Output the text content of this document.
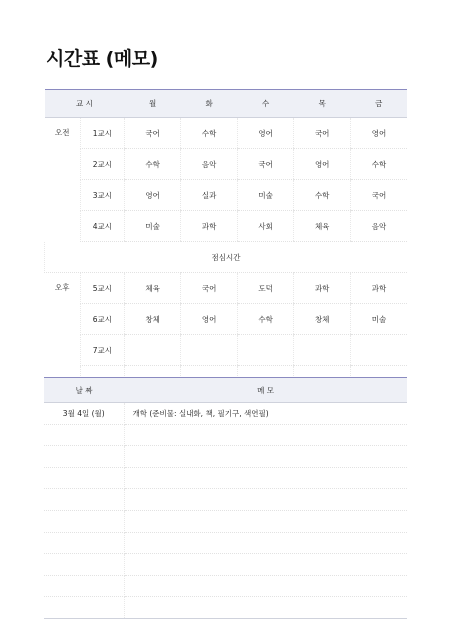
시간표 (메모)
교 시		월	화	수	목	금
오전	1교시	국어	수학	영어	국어	영어
	2교시	수학	음악	국어	영어	수학
	3교시	영어	실과	미술	수학	국어
	4교시	미술	과학	사회	체육	음악
점심시간						
오후	5교시	체육	국어	도덕	과학	과학
	6교시	창체	영어	수학	창체	미술
	7교시					

날 짜	메 모
3월 4일 (월)	개학 (준비물: 실내화, 책, 필기구, 색연필)
